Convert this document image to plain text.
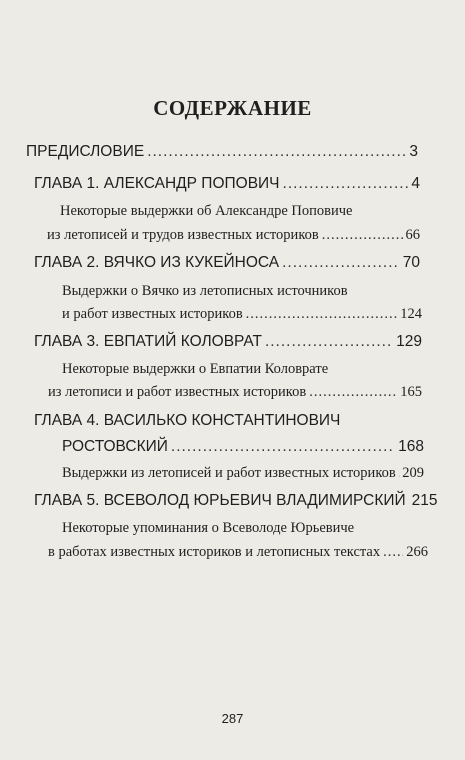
СОДЕРЖАНИЕ
ПРЕДИСЛОВИЕ .....	3
ГЛАВА 1. АЛЕКСАНДР ПОПОВИЧ .....	4
Некоторые выдержки об Александре Поповиче
из летописей и трудов известных историков .....	66
ГЛАВА 2. ВЯЧКО ИЗ КУКЕЙНОСА .....	70
Выдержки о Вячко из летописных источников
и работ известных историков .....	124
ГЛАВА 3. ЕВПАТИЙ КОЛОВРАТ .....	129
Некоторые выдержки о Евпатии Коловрате
из летописи и работ известных историков .....	165
ГЛАВА 4. ВАСИЛЬКО КОНСТАНТИНОВИЧ
РОСТОВСКИЙ .....	168
Выдержки из летописей и работ известных историков ..... 209
ГЛАВА 5. ВСЕВОЛОД ЮРЬЕВИЧ ВЛАДИМИРСКИЙ 215
Некоторые упоминания о Всеволоде Юрьевиче
в работах известных историков и летописных текстах ..... 266
287
